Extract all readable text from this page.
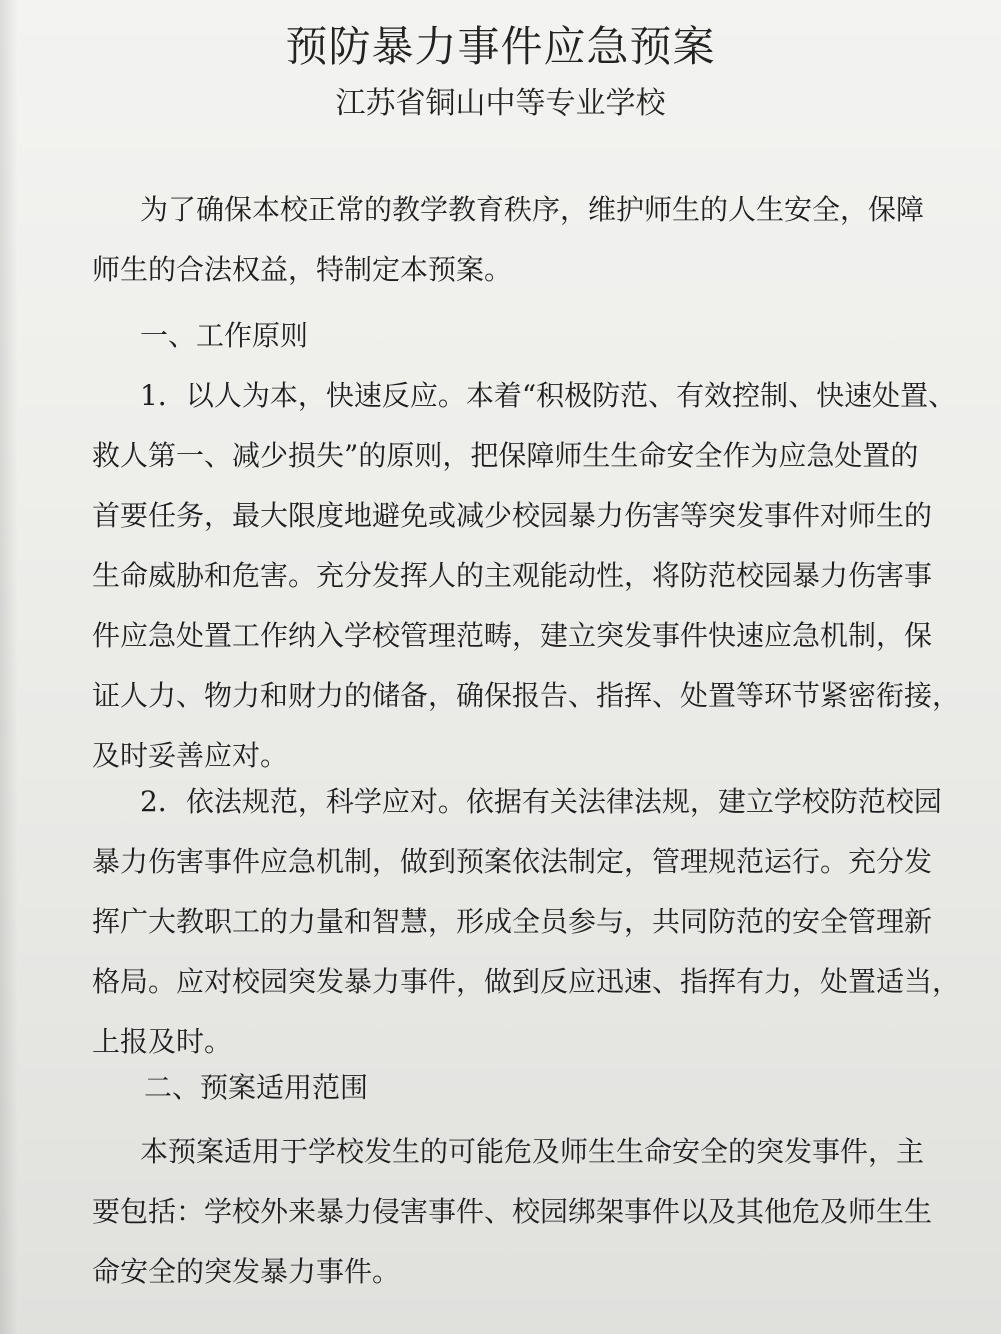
预防暴力事件应急预案
江苏省铜山中等专业学校
为了确保本校正常的教学教育秩序，维护师生的人生安全，保障
师生的合法权益，特制定本预案。
一、工作原则
1．以人为本，快速反应。本着“积极防范、有效控制、快速处置、
救人第一、减少损失”的原则，把保障师生生命安全作为应急处置的
首要任务，最大限度地避免或减少校园暴力伤害等突发事件对师生的
生命威胁和危害。充分发挥人的主观能动性，将防范校园暴力伤害事
件应急处置工作纳入学校管理范畴，建立突发事件快速应急机制，保
证人力、物力和财力的储备，确保报告、指挥、处置等环节紧密衔接，
及时妥善应对。
2．依法规范，科学应对。依据有关法律法规，建立学校防范校园
暴力伤害事件应急机制，做到预案依法制定，管理规范运行。充分发
挥广大教职工的力量和智慧，形成全员参与，共同防范的安全管理新
格局。应对校园突发暴力事件，做到反应迅速、指挥有力，处置适当，
上报及时。
二、预案适用范围
本预案适用于学校发生的可能危及师生生命安全的突发事件，主
要包括：学校外来暴力侵害事件、校园绑架事件以及其他危及师生生
命安全的突发暴力事件。
